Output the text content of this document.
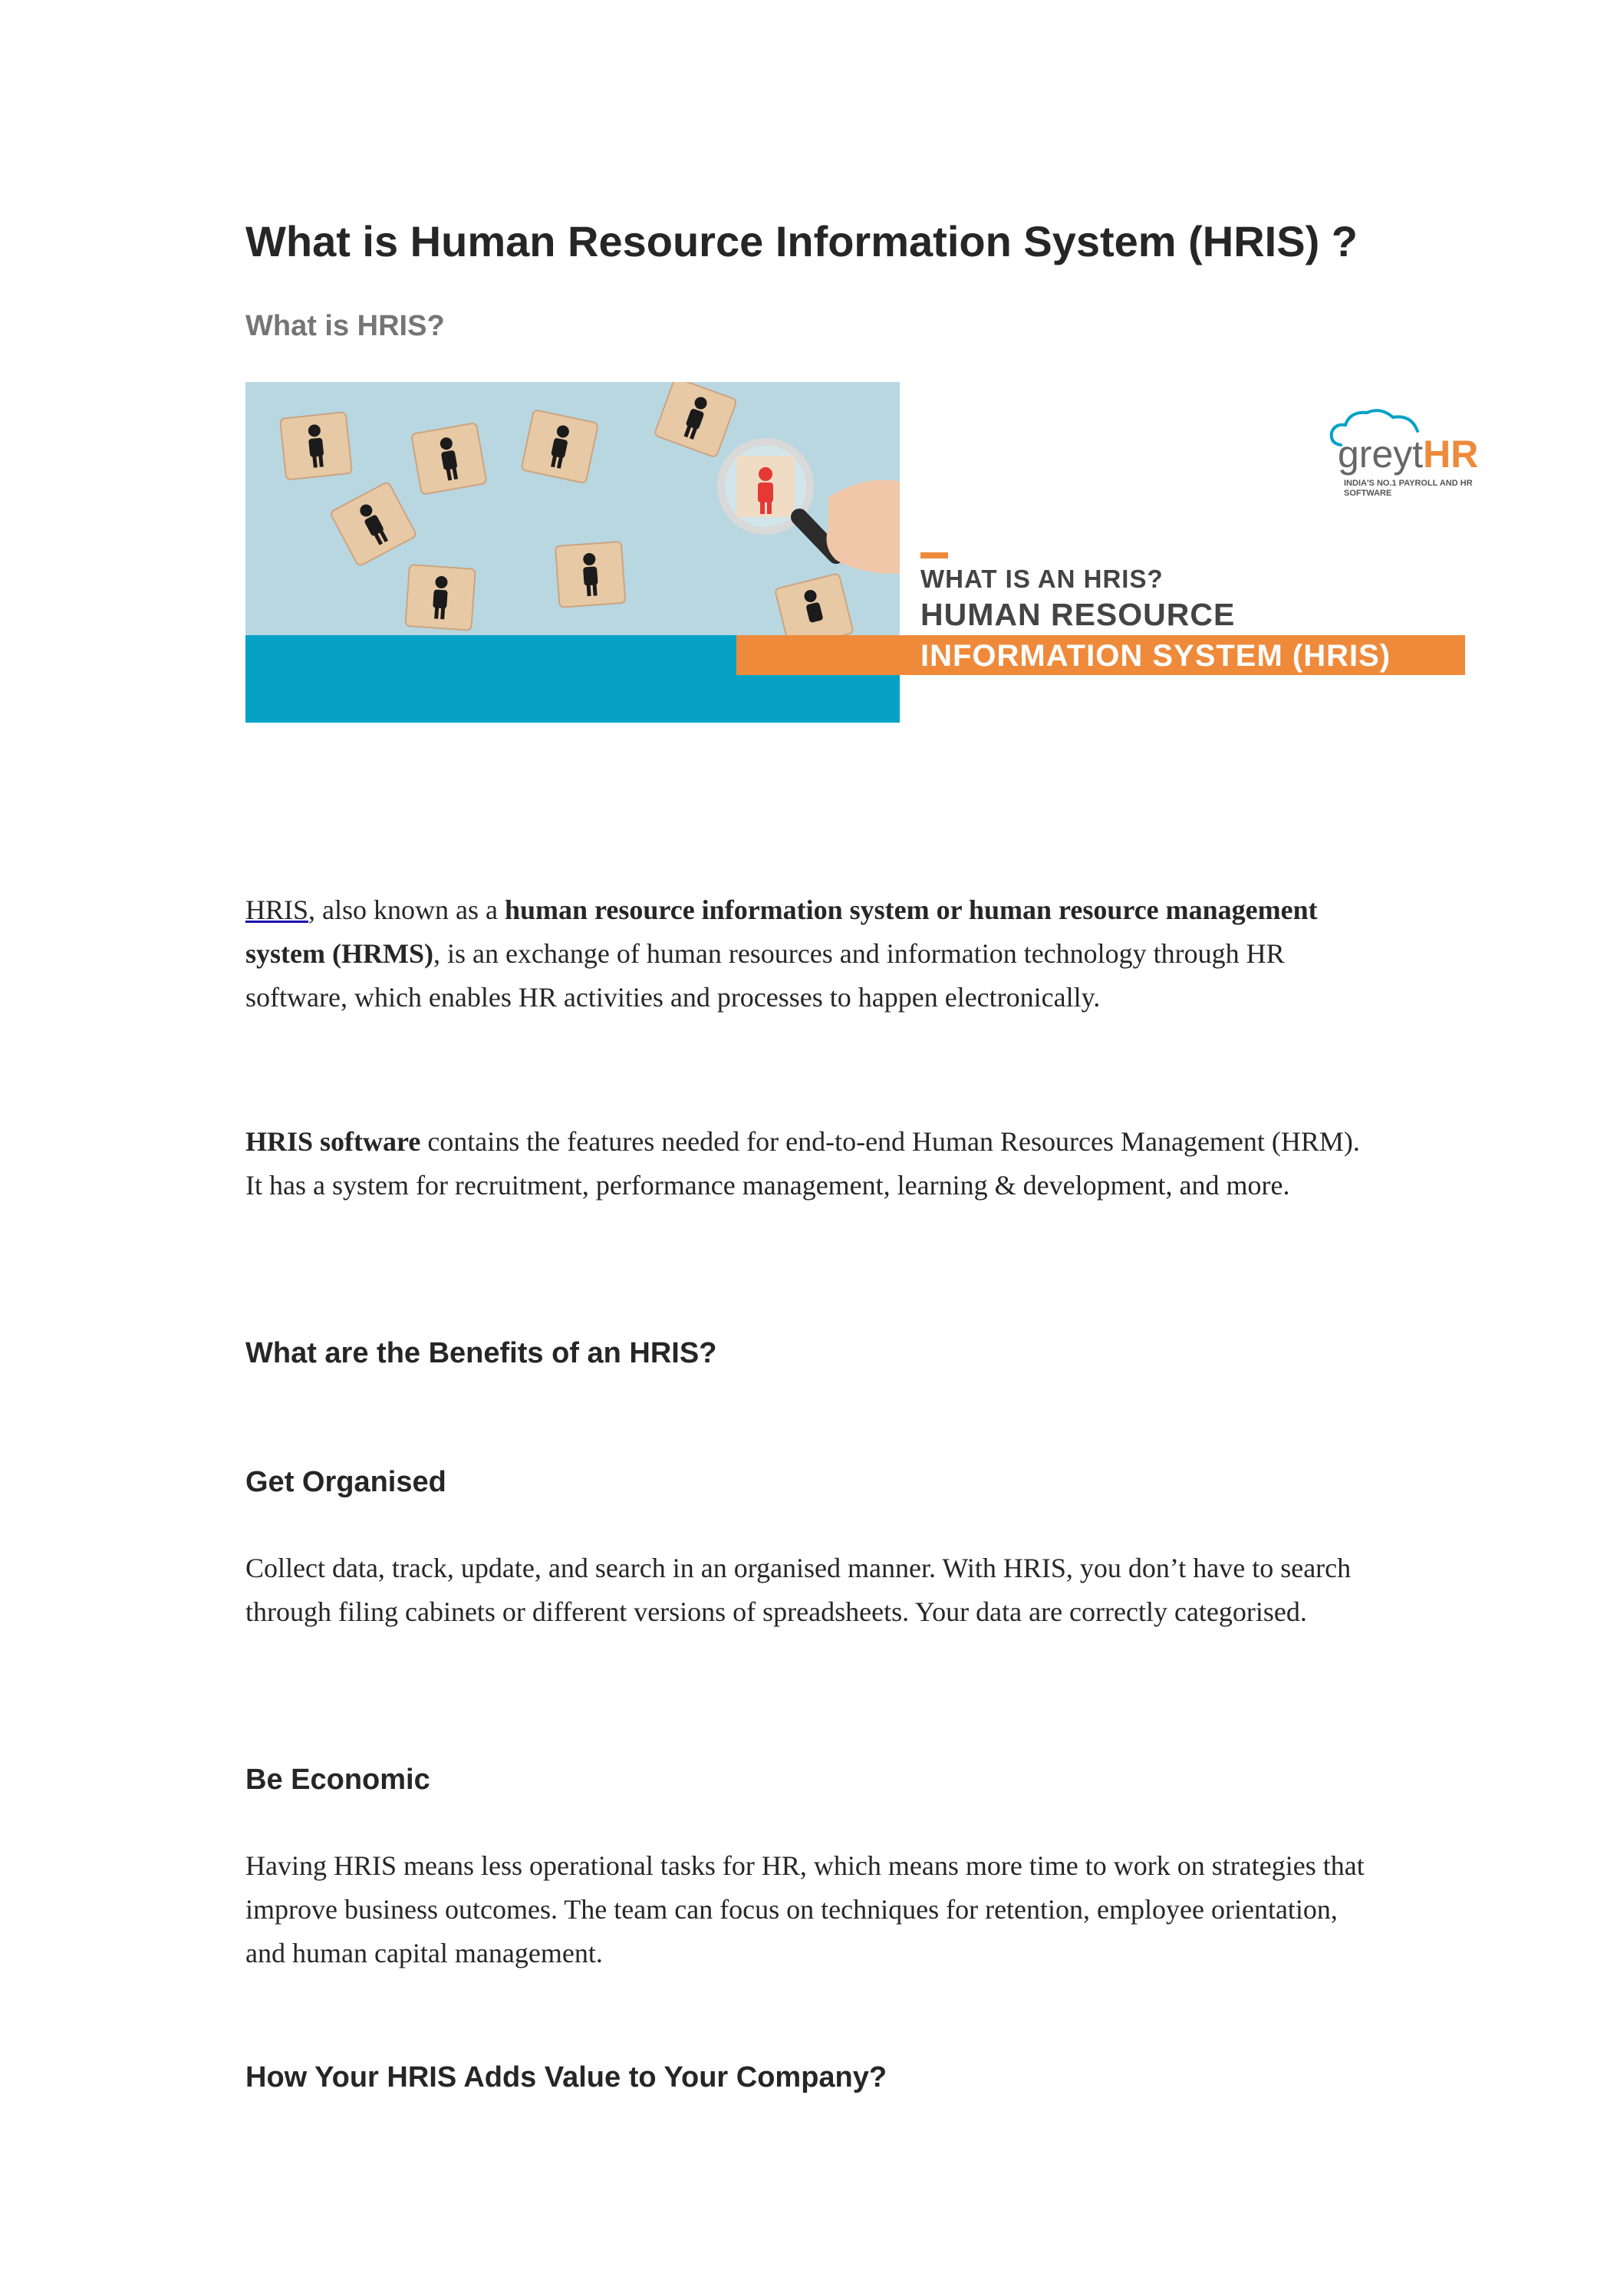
What is Human Resource Information System (HRIS) ?
What is HRIS?
WHAT IS AN HRIS?
HUMAN RESOURCE
INFORMATION SYSTEM (HRIS)
greytHR
INDIA'S NO.1 PAYROLL AND HR SOFTWARE

HRIS, also known as a human resource information system or human resource management system (HRMS), is an exchange of human resources and information technology through HR software, which enables HR activities and processes to happen electronically.

HRIS software contains the features needed for end-to-end Human Resources Management (HRM). It has a system for recruitment, performance management, learning & development, and more.

What are the Benefits of an HRIS?
Get Organised

Collect data, track, update, and search in an organised manner. With HRIS, you don’t have to search through filing cabinets or different versions of spreadsheets. Your data are correctly categorised.

Be Economic

Having HRIS means less operational tasks for HR, which means more time to work on strategies that improve business outcomes. The team can focus on techniques for retention, employee orientation, and human capital management.

How Your HRIS Adds Value to Your Company?
